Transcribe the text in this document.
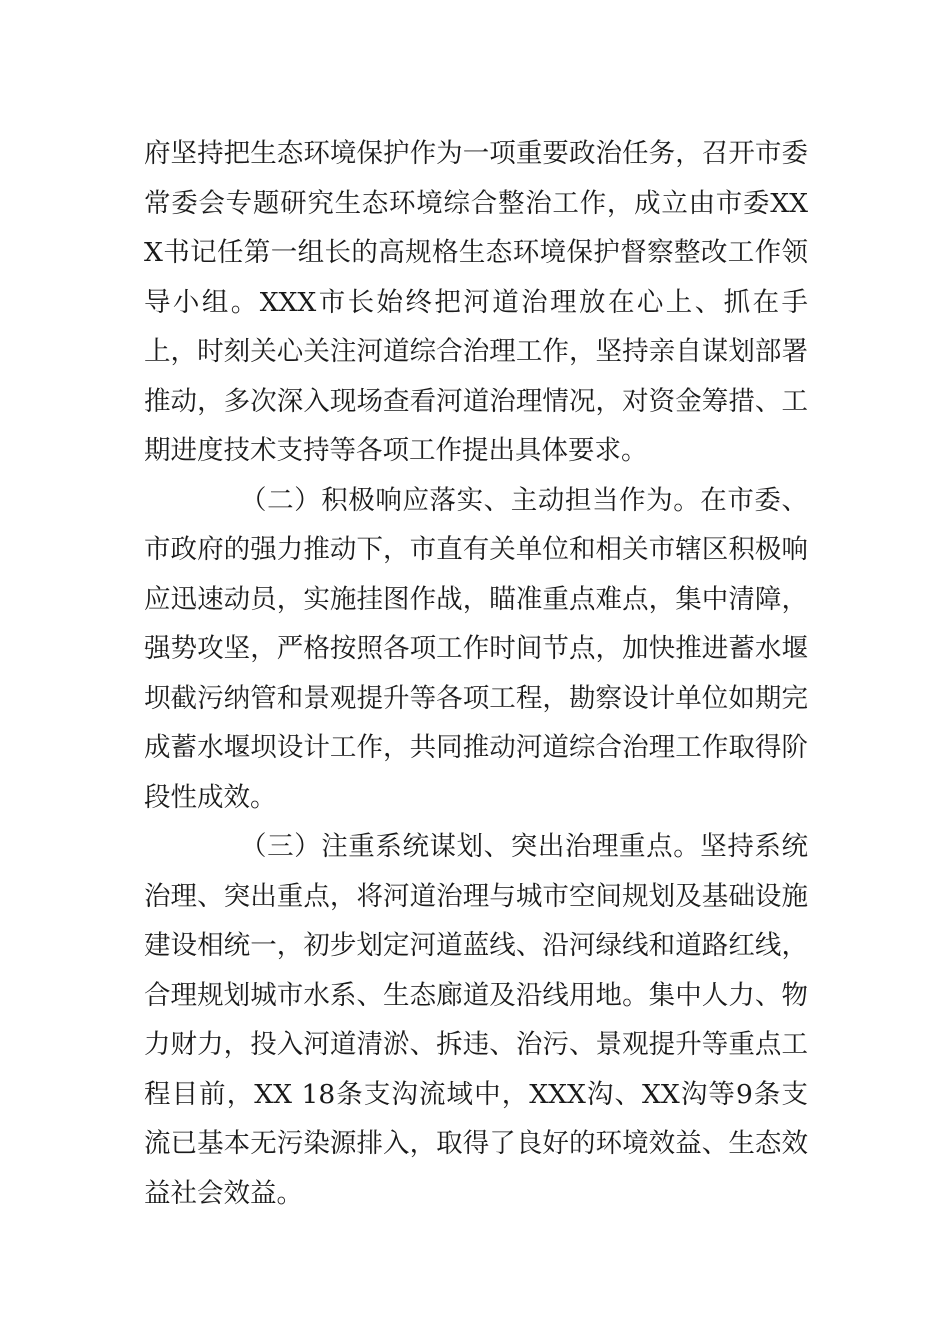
府坚持把生态环境保护作为一项重要政治任务，召开市委常委会专题研究生态环境综合整治工作，成立由市委XXX书记任第一组长的高规格生态环境保护督察整改工作领导小组。XXX市长始终把河道治理放在心上、抓在手上，时刻关心关注河道综合治理工作，坚持亲自谋划部署推动，多次深入现场查看河道治理情况，对资金筹措、工期进度技术支持等各项工作提出具体要求。

（二）积极响应落实、主动担当作为。在市委、市政府的强力推动下，市直有关单位和相关市辖区积极响应迅速动员，实施挂图作战，瞄准重点难点，集中清障，强势攻坚，严格按照各项工作时间节点，加快推进蓄水堰坝截污纳管和景观提升等各项工程，勘察设计单位如期完成蓄水堰坝设计工作，共同推动河道综合治理工作取得阶段性成效。

（三）注重系统谋划、突出治理重点。坚持系统治理、突出重点，将河道治理与城市空间规划及基础设施建设相统一，初步划定河道蓝线、沿河绿线和道路红线，合理规划城市水系、生态廊道及沿线用地。集中人力、物力财力，投入河道清淤、拆违、治污、景观提升等重点工程目前，XX 18条支沟流域中，XXX沟、XX沟等9条支流已基本无污染源排入，取得了良好的环境效益、生态效益社会效益。
